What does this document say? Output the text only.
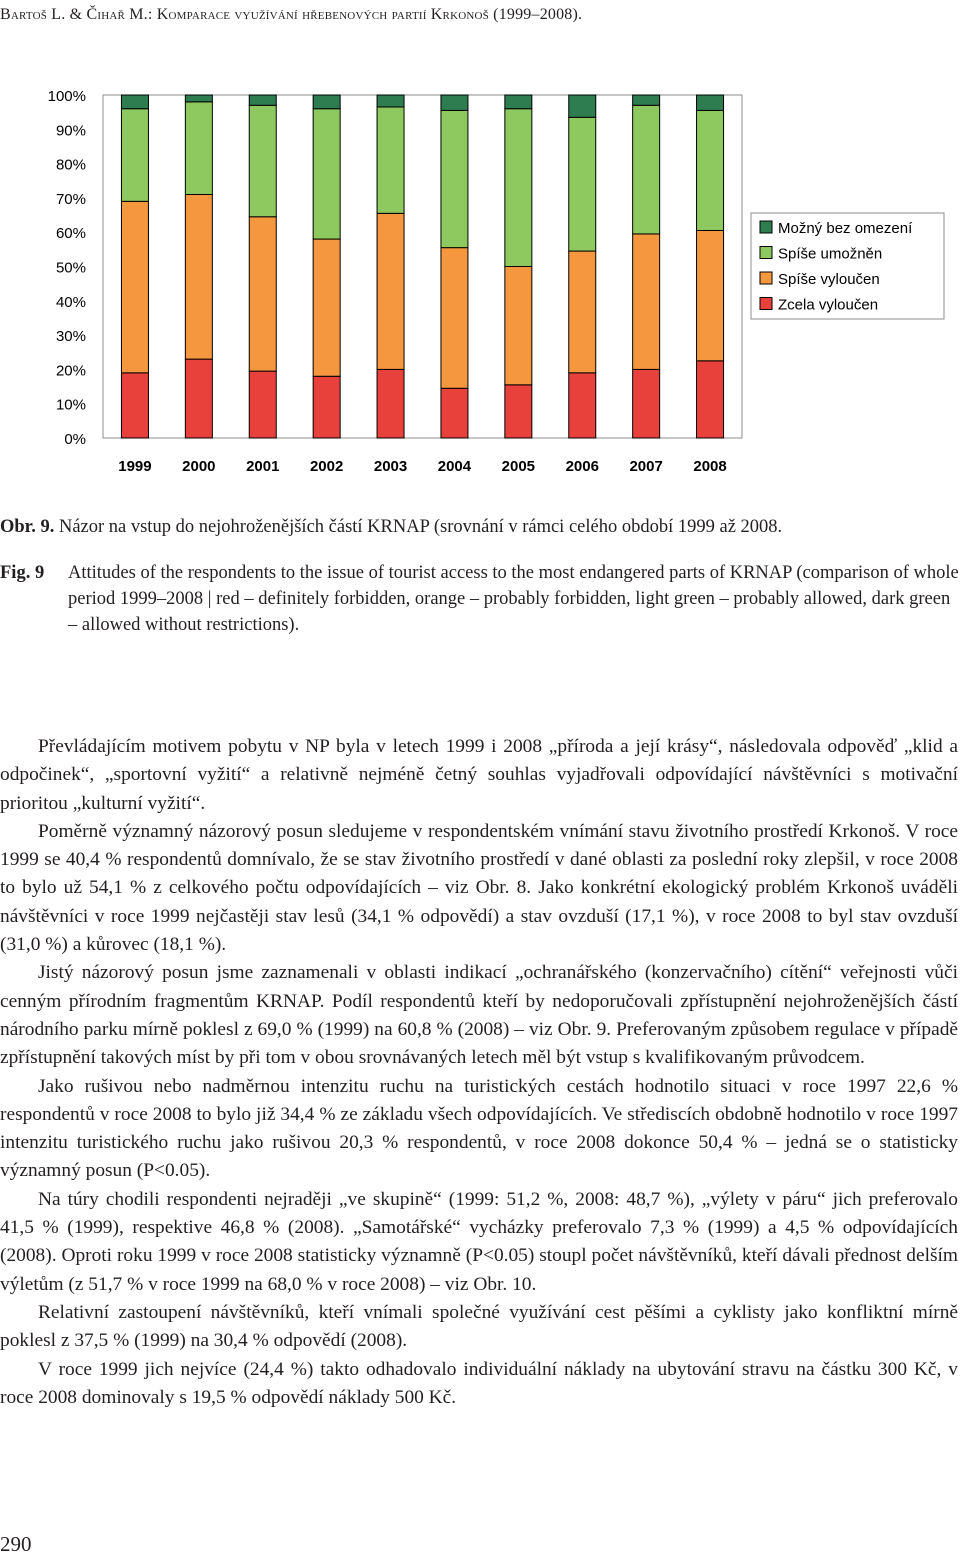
Bartoš L. & Čihař M.: Komparace využívání hřebenových partií Krkonoš (1999–2008).
0%
10%
20%
30%
40%
50%
60%
70%
80%
90%
100%
1999 2000 2001 2002 2003 2004 2005 2006 2007 2008
Možný bez omezení
Spíše umožněn
Spíše vyloučen
Zcela vyloučen
Obr. 9. Názor na vstup do nejohroženějších částí KRNAP (srovnání v rámci celého období 1999 až 2008.
Fig. 9	Attitudes of the respondents to the issue of tourist access to the most endangered parts of KRNAP (comparison of whole period 1999–2008 | red – definitely forbidden, orange – probably forbidden, light green – probably allowed, dark green – allowed without restrictions).

Převládajícím motivem pobytu v NP byla v letech 1999 i 2008 „příroda a její krásy“, následovala odpověď „klid a odpočinek“, „sportovní vyžití“ a relativně nejméně četný souhlas vyjadřovali odpovídající návštěvníci s motivační prioritou „kulturní vyžití“.

Poměrně významný názorový posun sledujeme v respondentském vnímání stavu životního prostředí Krkonoš. V roce 1999 se 40,4 % respondentů domnívalo, že se stav životního prostředí v dané oblasti za poslední roky zlepšil, v roce 2008 to bylo už 54,1 % z celkového počtu odpovídajících – viz Obr. 8. Jako konkrétní ekologický problém Krkonoš uváděli návštěvníci v roce 1999 nejčastěji stav lesů (34,1 % odpovědí) a stav ovzduší (17,1 %), v roce 2008 to byl stav ovzduší (31,0 %) a kůrovec (18,1 %).

Jistý názorový posun jsme zaznamenali v oblasti indikací „ochranářského (konzervačního) cítění“ veřejnosti vůči cenným přírodním fragmentům KRNAP. Podíl respondentů kteří by nedoporučovali zpřístupnění nejohroženějších částí národního parku mírně poklesl z 69,0 % (1999) na 60,8 % (2008) – viz Obr. 9. Preferovaným způsobem regulace v případě zpřístupnění takových míst by při tom v obou srovnávaných letech měl být vstup s kvalifikovaným průvodcem.

Jako rušivou nebo nadměrnou intenzitu ruchu na turistických cestách hodnotilo situaci v roce 1997 22,6 % respondentů v roce 2008 to bylo již 34,4 % ze základu všech odpovídajících. Ve střediscích obdobně hodnotilo v roce 1997 intenzitu turistického ruchu jako rušivou 20,3 % respondentů, v roce 2008 dokonce 50,4 % – jedná se o statisticky významný posun (P<0.05).

Na túry chodili respondenti nejraději „ve skupině“ (1999: 51,2 %, 2008: 48,7 %), „výlety v páru“ jich preferovalo 41,5 % (1999), respektive 46,8 % (2008). „Samotářské“ vycházky preferovalo 7,3 % (1999) a 4,5 % odpovídajících (2008). Oproti roku 1999 v roce 2008 statisticky významně (P<0.05) stoupl počet návštěvníků, kteří dávali přednost delším výletům (z 51,7 % v roce 1999 na 68,0 % v roce 2008) – viz Obr. 10.

Relativní zastoupení návštěvníků, kteří vnímali společné využívání cest pěšími a cyklisty jako konfliktní mírně poklesl z 37,5 % (1999) na 30,4 % odpovědí (2008).

V roce 1999 jich nejvíce (24,4 %) takto odhadovalo individuální náklady na ubytování stravu na částku 300 Kč, v roce 2008 dominovaly s 19,5 % odpovědí náklady 500 Kč.

290
